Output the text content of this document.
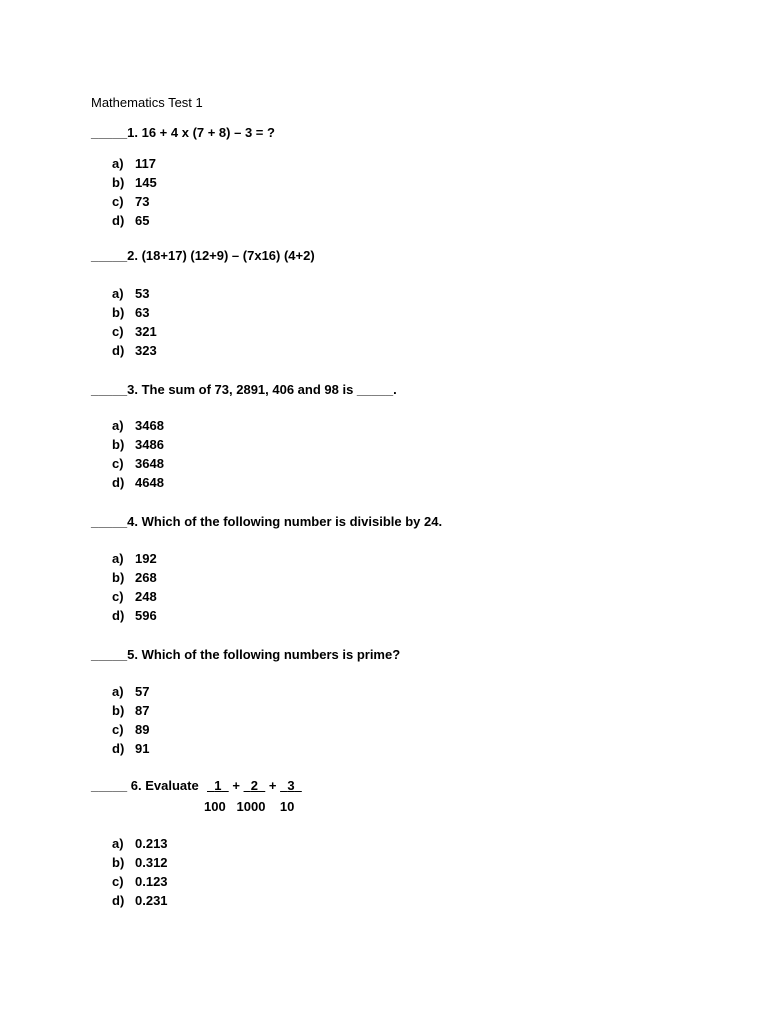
Mathematics Test 1
_____1. 16 + 4 x (7 + 8) – 3 = ?
a) 117
b) 145
c) 73
d) 65
_____2. (18+17) (12+9) – (7x16) (4+2)
a) 53
b) 63
c) 321
d) 323
_____3. The sum of 73, 2891, 406 and 98 is _____.
a) 3468
b) 3486
c) 3648
d) 4648
_____4. Which of the following number is divisible by 24.
a) 192
b) 268
c) 248
d) 596
_____5. Which of the following numbers is prime?
a) 57
b) 87
c) 89
d) 91
_____ 6. Evaluate	1 + 2 + 3
100 1000 10
a) 0.213
b) 0.312
c) 0.123
d) 0.231
